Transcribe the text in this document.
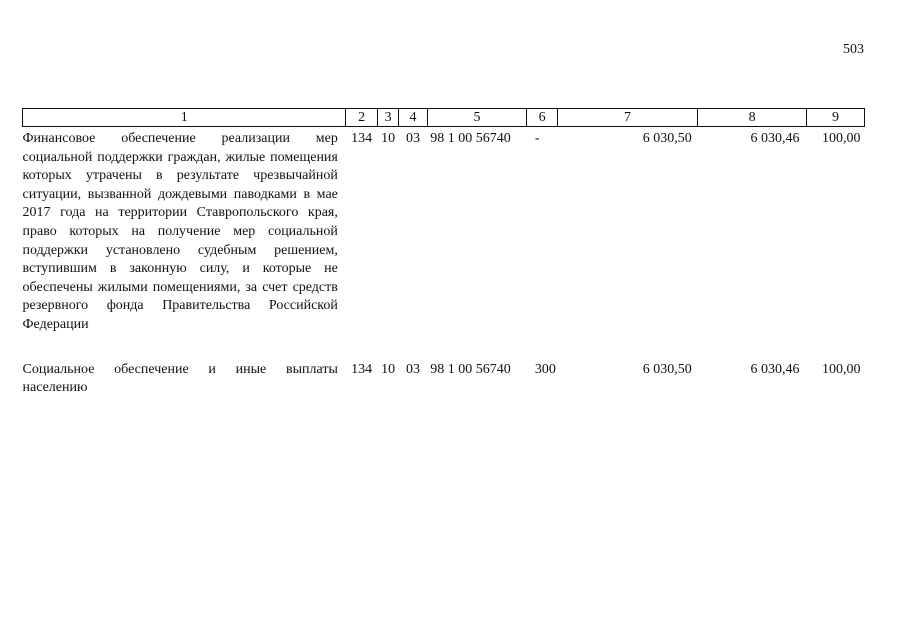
503
1	2	3	4	5	6	7	8	9
Финансовое обеспечение реализации мер социальной поддержки граждан, жилые помещения которых утрачены в результате чрезвычайной ситуации, вызванной дождевыми паводками в мае 2017 года на территории Ставропольского края, право которых на получение мер социальной поддержки установлено судебным решением, вступившим в законную силу, и которые не обеспечены жилыми помещениями, за счет средств резервного фонда Правительства Российской Федерации	134	10	03	98 1 00 56740	-	6 030,50	6 030,46	100,00

Социальное обеспечение и иные выплаты населению	134	10	03	98 1 00 56740	300	6 030,50	6 030,46	100,00
